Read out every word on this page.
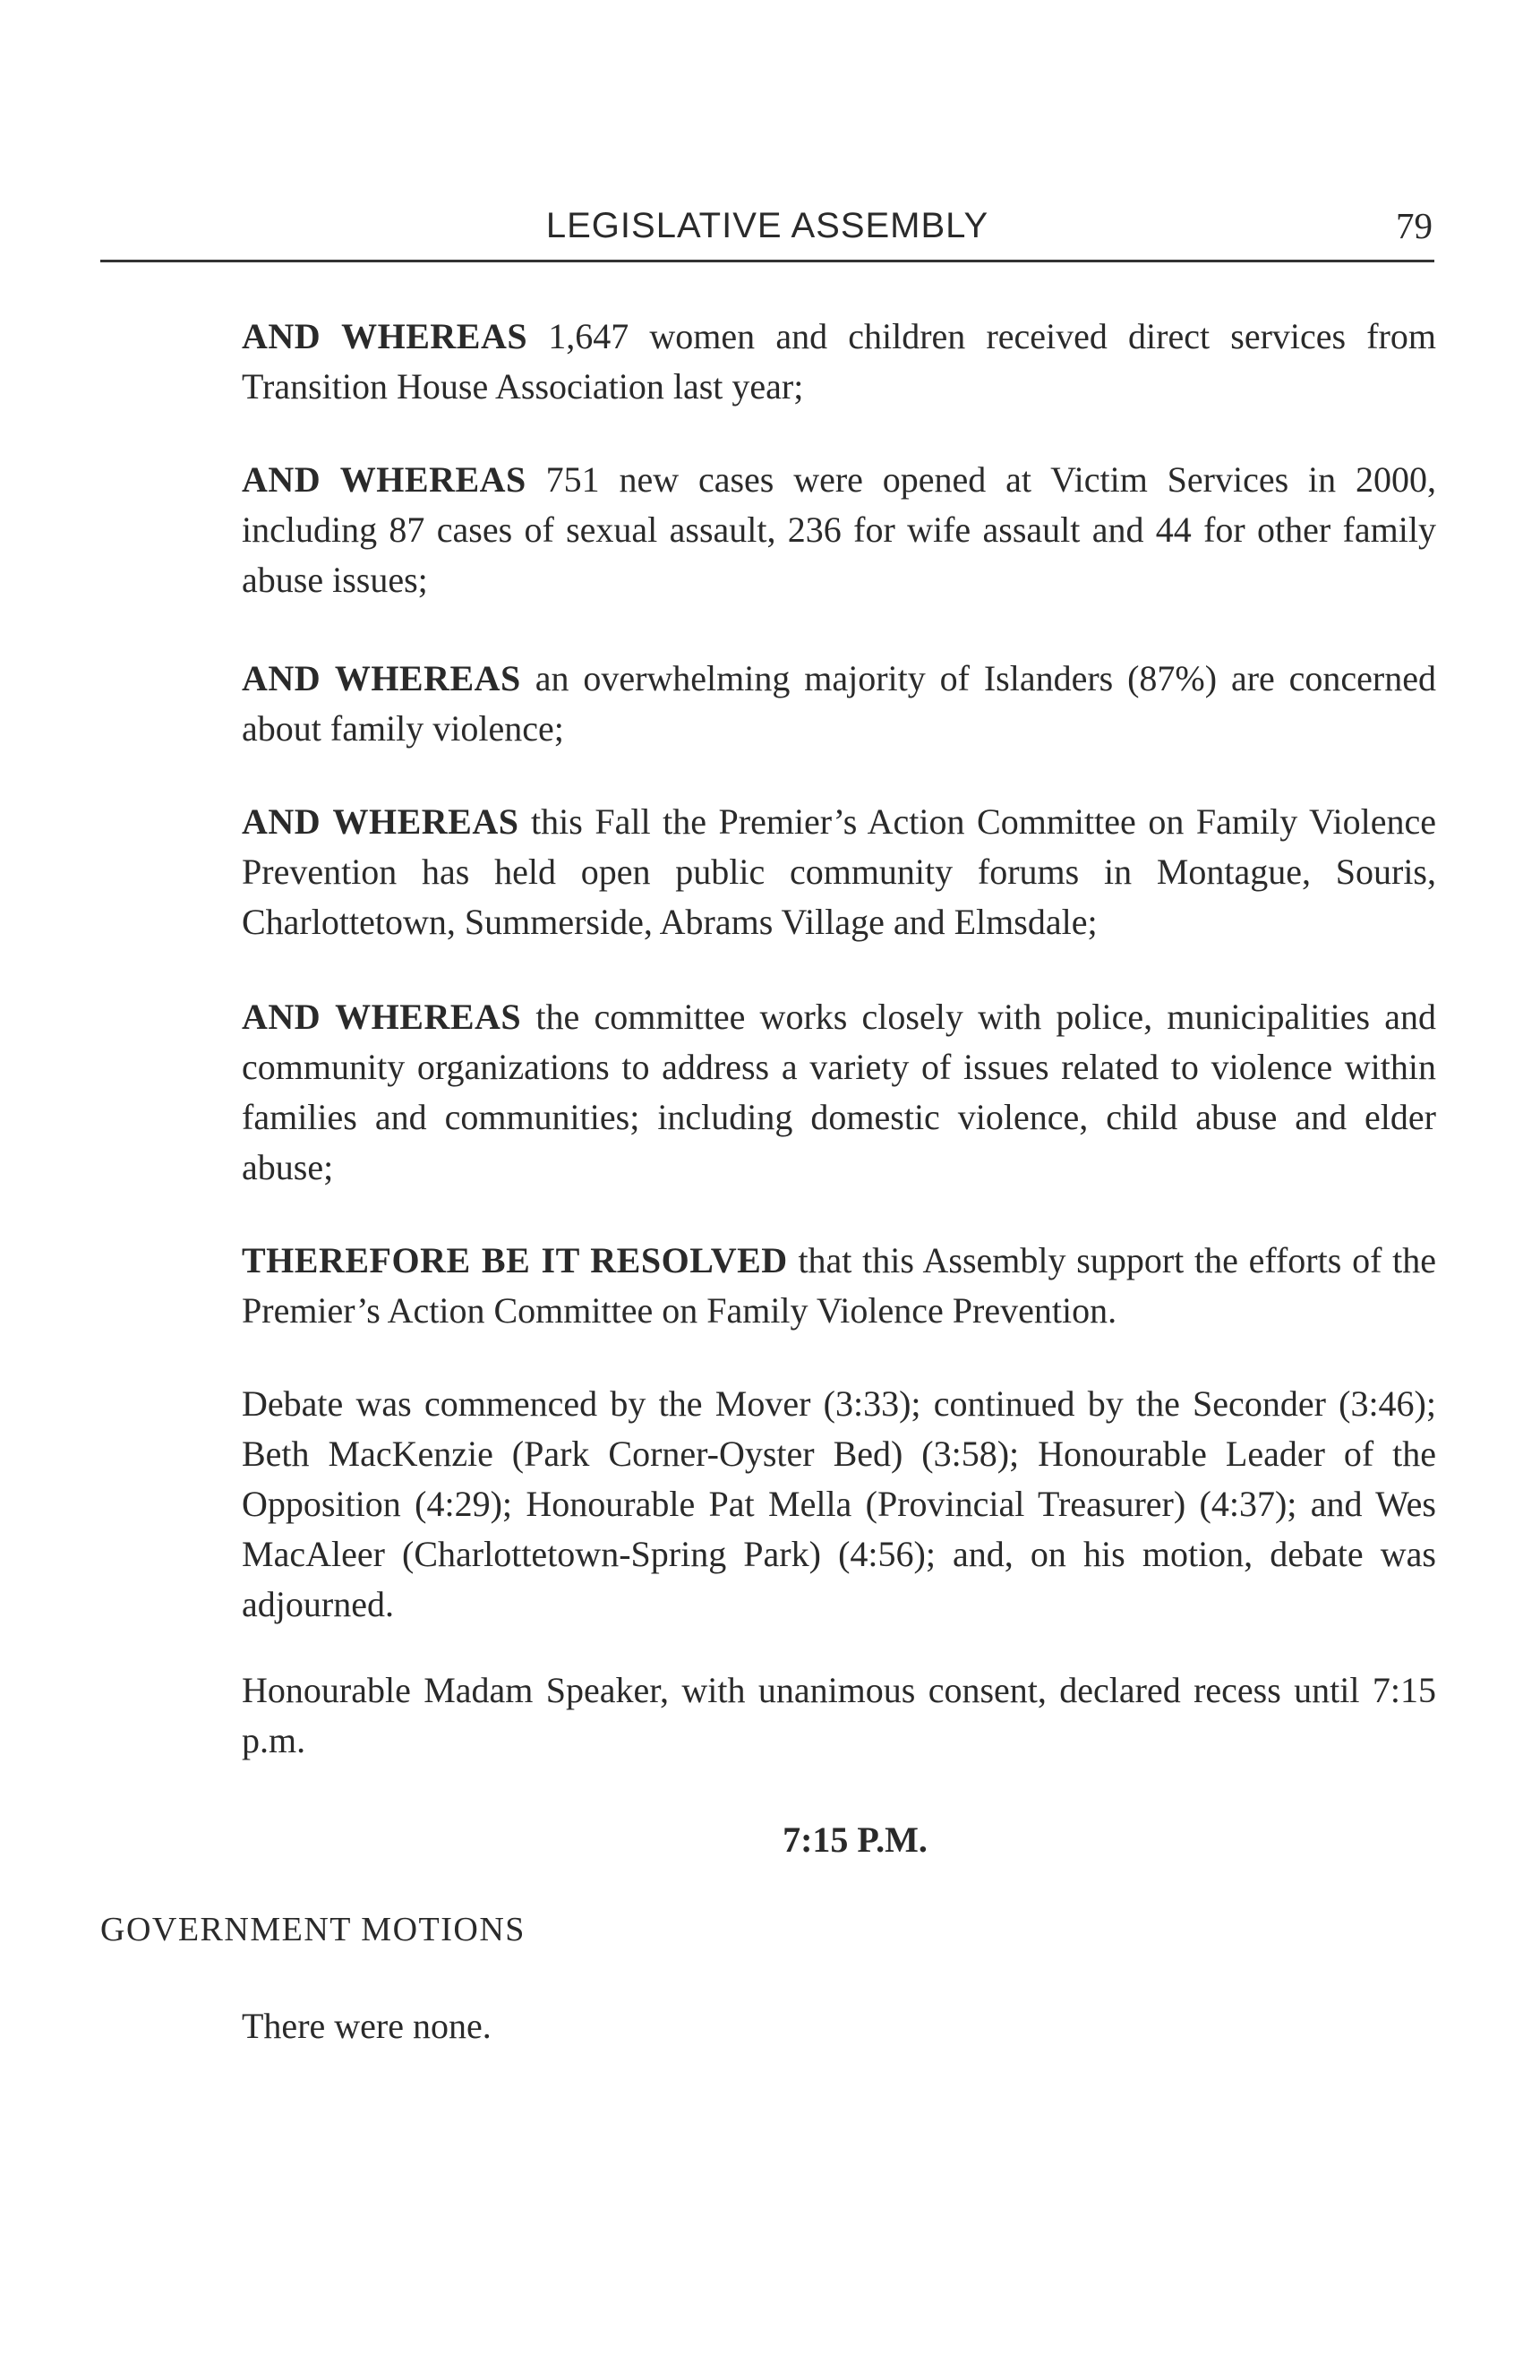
LEGISLATIVE ASSEMBLY	79

AND WHEREAS 1,647 women and children received direct services from Transition House Association last year;

AND WHEREAS 751 new cases were opened at Victim Services in 2000, including 87 cases of sexual assault, 236 for wife assault and 44 for other family abuse issues;

AND WHEREAS an overwhelming majority of Islanders (87%) are concerned about family violence;

AND WHEREAS this Fall the Premier’s Action Committee on Family Violence Prevention has held open public community forums in Montague, Souris, Charlottetown, Summerside, Abrams Village and Elmsdale;

AND WHEREAS the committee works closely with police, municipalities and community organizations to address a variety of issues related to violence within families and communities; including domestic violence, child abuse and elder abuse;

THEREFORE BE IT RESOLVED that this Assembly support the efforts of the Premier’s Action Committee on Family Violence Prevention.

Debate was commenced by the Mover (3:33); continued by the Seconder (3:46); Beth MacKenzie (Park Corner-Oyster Bed) (3:58); Honourable Leader of the Opposition (4:29); Honourable Pat Mella (Provincial Treasurer) (4:37); and Wes MacAleer (Charlottetown-Spring Park) (4:56); and, on his motion, debate was adjourned.

Honourable Madam Speaker, with unanimous consent, declared recess until 7:15 p.m.

7:15 P.M.
GOVERNMENT MOTIONS
There were none.
